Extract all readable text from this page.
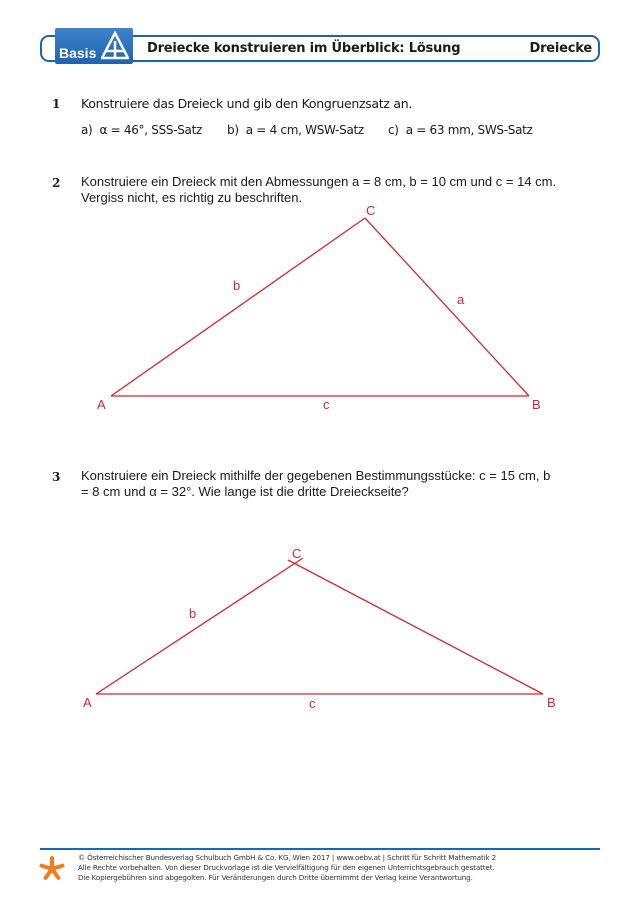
Basis	Dreiecke konstruieren im Überblick: Lösung	Dreiecke
1 Konstruiere das Dreieck und gib den Kongruenzsatz an.
a) α = 46°, SSS-Satz b) a = 4 cm, WSW-Satz c) a = 63 mm, SWS-Satz
2 Konstruiere ein Dreieck mit den Abmessungen a = 8 cm, b = 10 cm und c = 14 cm. Vergiss nicht, es richtig zu beschriften.
3 Konstruiere ein Dreieck mithilfe der gegebenen Bestimmungsstücke: c = 15 cm, b = 8 cm und α = 32°. Wie lange ist die dritte Dreieckseite?
A	B
C
a
b
c
A	B
C
b
c
© Österreichischer Bundesverlag Schulbuch GmbH & Co. KG, Wien 2017 | www.oebv.at | Schritt für Schritt Mathematik 2
Alle Rechte vorbehalten. Von dieser Druckvorlage ist die Vervielfältigung für den eigenen Unterrichtsgebrauch gestattet.
Die Kopiergebühren sind abgegolten. Für Veränderungen durch Dritte übernimmt der Verlag keine Verantwortung.
